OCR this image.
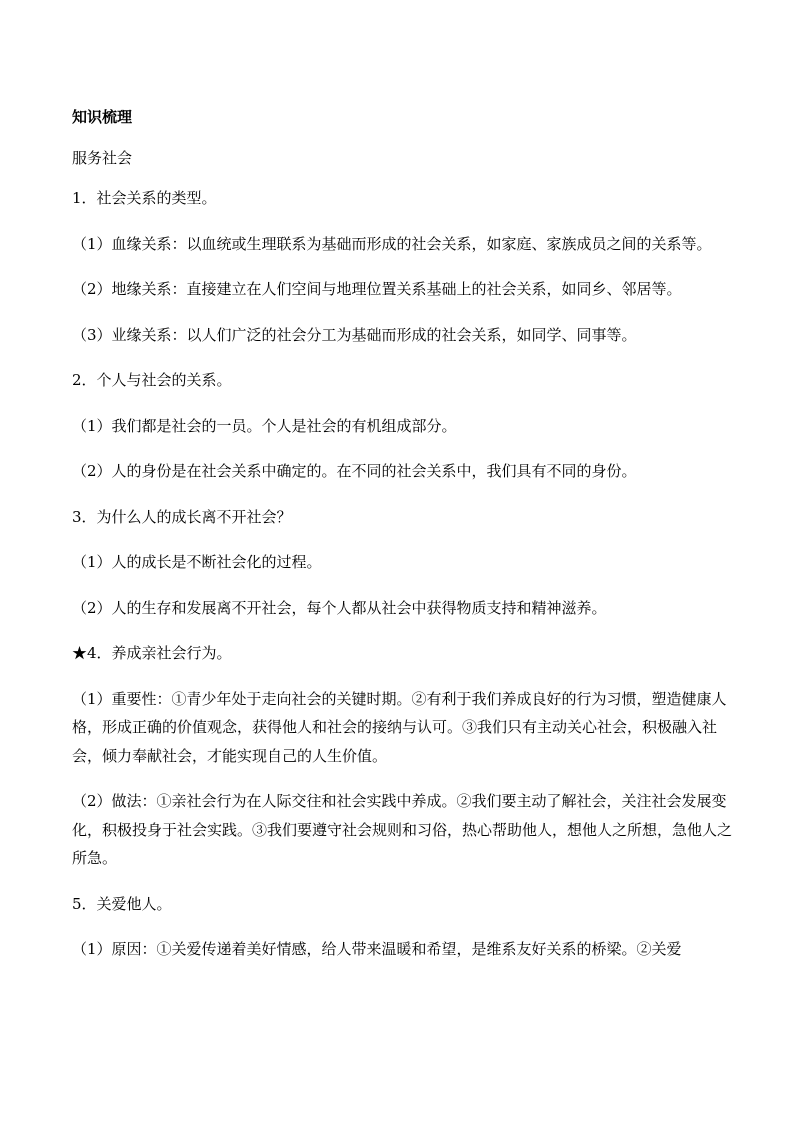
知识梳理

服务社会

1．社会关系的类型。

（1）血缘关系：以血统或生理联系为基础而形成的社会关系，如家庭、家族成员之间的关系等。

（2）地缘关系：直接建立在人们空间与地理位置关系基础上的社会关系，如同乡、邻居等。

（3）业缘关系：以人们广泛的社会分工为基础而形成的社会关系，如同学、同事等。

2．个人与社会的关系。

（1）我们都是社会的一员。个人是社会的有机组成部分。

（2）人的身份是在社会关系中确定的。在不同的社会关系中，我们具有不同的身份。

3．为什么人的成长离不开社会？

（1）人的成长是不断社会化的过程。

（2）人的生存和发展离不开社会，每个人都从社会中获得物质支持和精神滋养。

★4．养成亲社会行为。

（1）重要性：①青少年处于走向社会的关键时期。②有利于我们养成良好的行为习惯，塑造健康人格，形成正确的价值观念，获得他人和社会的接纳与认可。③我们只有主动关心社会，积极融入社会，倾力奉献社会，才能实现自己的人生价值。

（2）做法：①亲社会行为在人际交往和社会实践中养成。②我们要主动了解社会，关注社会发展变化，积极投身于社会实践。③我们要遵守社会规则和习俗，热心帮助他人，想他人之所想，急他人之所急。

5．关爱他人。

（1）原因：①关爱传递着美好情感，给人带来温暖和希望，是维系友好关系的桥梁。②关爱
